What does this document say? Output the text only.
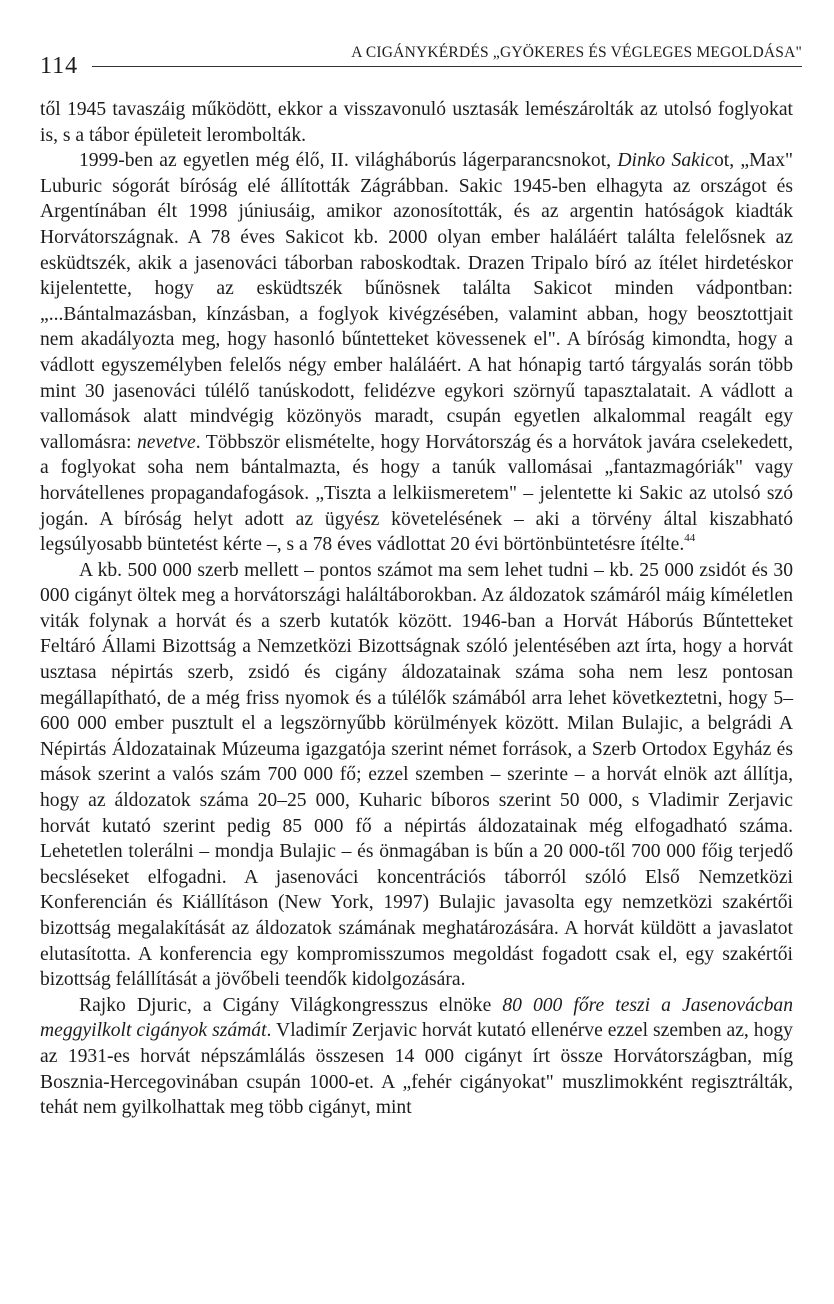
114
A CIGÁNYKÉRDÉS „GYÖKERES ÉS VÉGLEGES MEGOLDÁSA"

től 1945 tavaszáig működött, ekkor a visszavonuló usztasák lemészárolták az utolsó foglyokat is, s a tábor épületeit lerombolták.

1999-ben az egyetlen még élő, II. világháborús lágerparancsnokot, Dinko Sakicot, „Max" Luburic sógorát bíróság elé állították Zágrábban. Sakic 1945-ben elhagyta az országot és Argentínában élt 1998 júniusáig, amikor azonosították, és az argentin hatóságok kiadták Horvátországnak. A 78 éves Sakicot kb. 2000 olyan ember haláláért találta felelősnek az esküdtszék, akik a jasenováci táborban raboskodtak. Drazen Tripalo bíró az ítélet hirdetéskor kijelentette, hogy az esküdtszék bűnösnek találta Sakicot minden vádpontban: „...Bántalmazásban, kínzásban, a foglyok kivégzésében, valamint abban, hogy beosztottjait nem akadályozta meg, hogy hasonló bűntetteket kövessenek el". A bíróság kimondta, hogy a vádlott egyszemélyben felelős négy ember haláláért. A hat hónapig tartó tárgyalás során több mint 30 jasenováci túlélő tanúskodott, felidézve egykori szörnyű tapasztalatait. A vádlott a vallomások alatt mindvégig közönyös maradt, csupán egyetlen alkalommal reagált egy vallomásra: nevetve. Többször elismételte, hogy Horvátország és a horvátok javára cselekedett, a foglyokat soha nem bántalmazta, és hogy a tanúk vallomásai „fantazmagóriák" vagy horvátellenes propagandafogások. „Tiszta a lelkiismeretem" – jelentette ki Sakic az utolsó szó jogán. A bíróság helyt adott az ügyész követelésének – aki a törvény által kiszabható legsúlyosabb büntetést kérte –, s a 78 éves vádlottat 20 évi börtönbüntetésre ítélte.$^{44}$

A kb. 500 000 szerb mellett – pontos számot ma sem lehet tudni – kb. 25 000 zsidót és 30 000 cigányt öltek meg a horvátországi haláltáborokban. Az áldozatok számáról máig kíméletlen viták folynak a horvát és a szerb kutatók között. 1946-ban a Horvát Háborús Bűntetteket Feltáró Állami Bizottság a Nemzetközi Bizottságnak szóló jelentésében azt írta, hogy a horvát usztasa népirtás szerb, zsidó és cigány áldozatainak száma soha nem lesz pontosan megállapítható, de a még friss nyomok és a túlélők számából arra lehet következtetni, hogy 5–600 000 ember pusztult el a legszörnyűbb körülmények között. Milan Bulajic, a belgrádi A Népirtás Áldozatainak Múzeuma igazgatója szerint német források, a Szerb Ortodox Egyház és mások szerint a valós szám 700 000 fő; ezzel szemben – szerinte – a horvát elnök azt állítja, hogy az áldozatok száma 20–25 000, Kuharic bíboros szerint 50 000, s Vladimir Zerjavic horvát kutató szerint pedig 85 000 fő a népirtás áldozatainak még elfogadható száma. Lehetetlen tolerálni – mondja Bulajic – és önmagában is bűn a 20 000-től 700 000 főig terjedő becsléseket elfogadni. A jasenováci koncentrációs táborról szóló Első Nemzetközi Konferencián és Kiállításon (New York, 1997) Bulajic javasolta egy nemzetközi szakértői bizottság megalakítását az áldozatok számának meghatározására. A horvát küldött a javaslatot elutasította. A konferencia egy kompromisszumos megoldást fogadott csak el, egy szakértői bizottság felállítását a jövőbeli teendők kidolgozására.

Rajko Djuric, a Cigány Világkongresszus elnöke 80 000 főre teszi a Jasenovácban meggyilkolt cigányok számát. Vladimír Zerjavic horvát kutató ellenérve ezzel szemben az, hogy az 1931-es horvát népszámlálás összesen 14 000 cigányt írt össze Horvátországban, míg Bosznia-Hercegovinában csupán 1000-et. A „fehér cigányokat" muszlimokként regisztrálták, tehát nem gyilkolhattak meg több cigányt, mint
